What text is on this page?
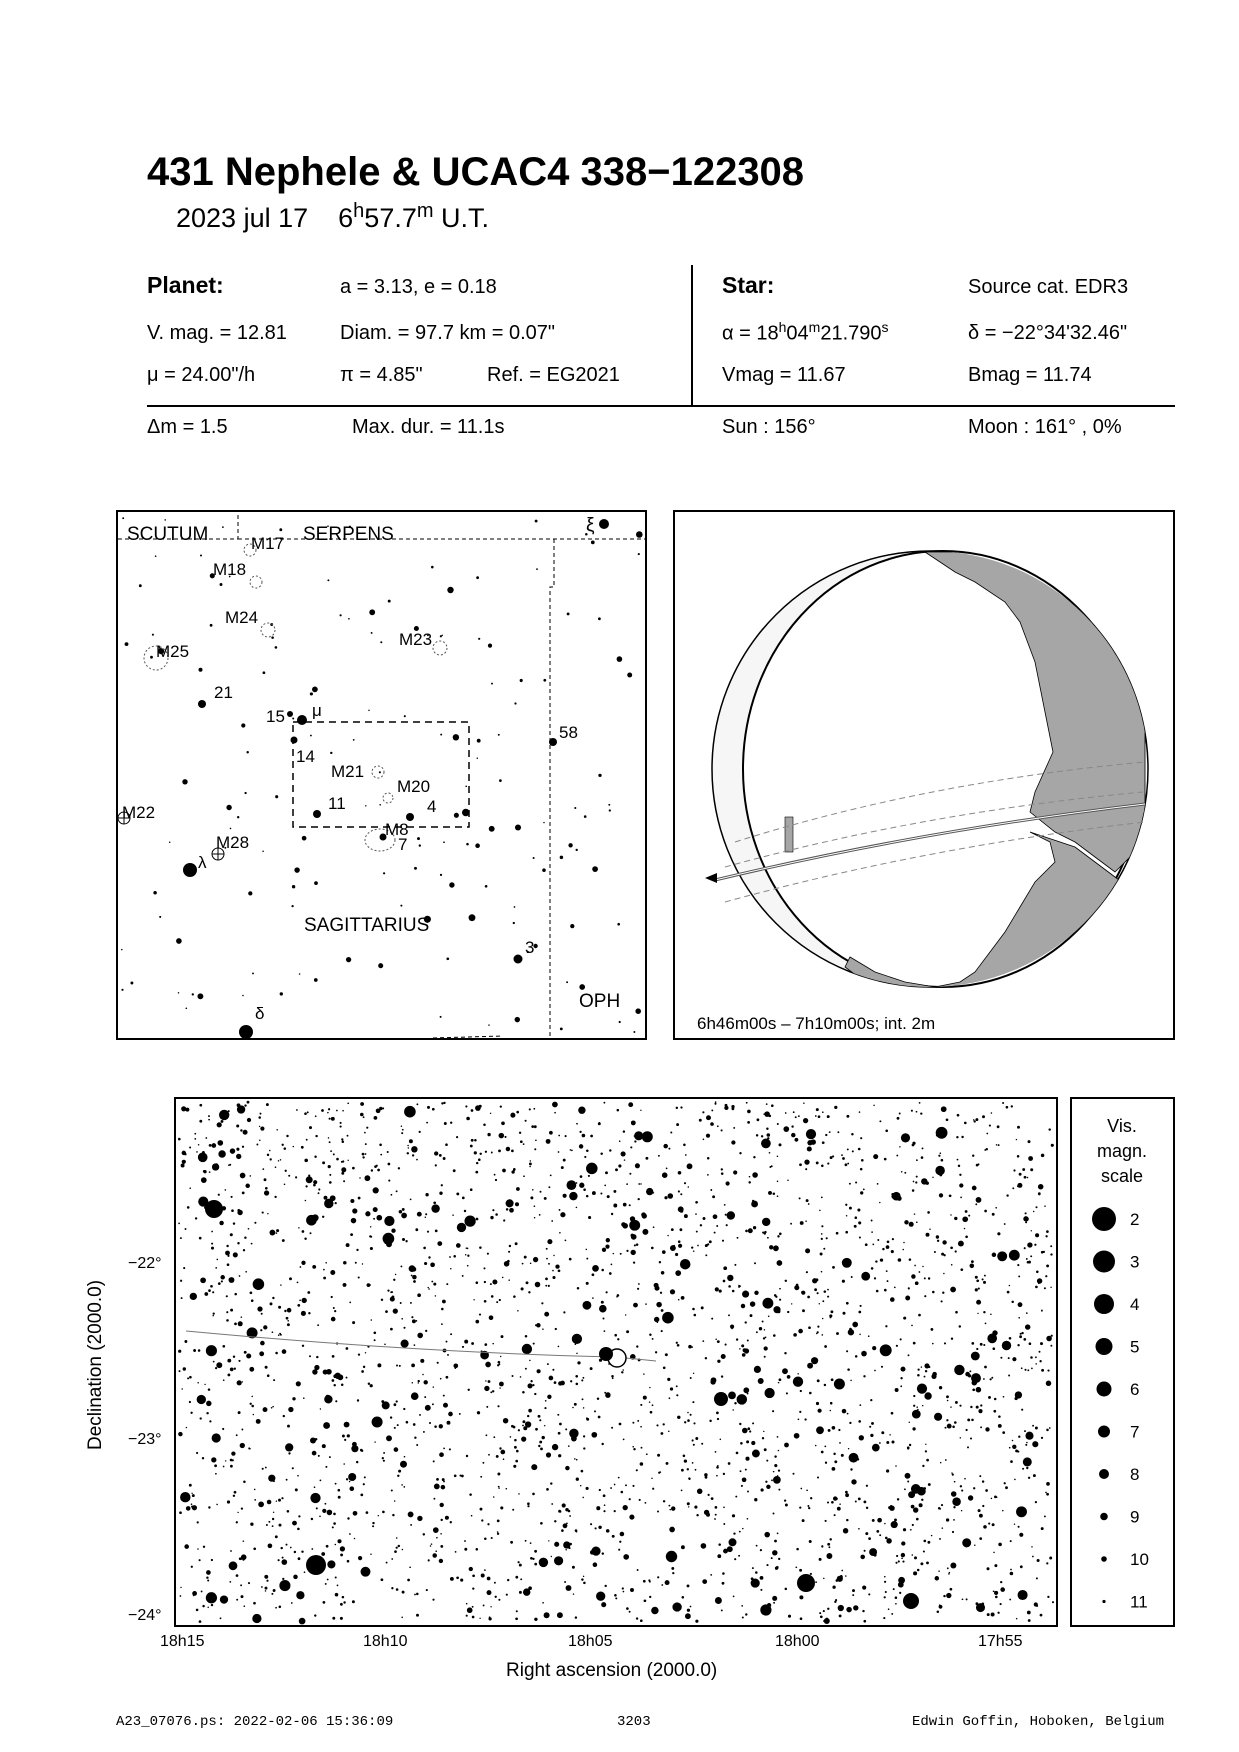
431 Nephele & UCAC4 338−122308
2023 jul 17 6$^h$57.7$^m$ U.T.
Planet:	a = 3.13, e = 0.18
V. mag. = 12.81	Diam. = 97.7 km = 0.07"
μ = 24.00"/h	π = 4.85"	Ref. = EG2021
Star:	Source cat. EDR3
$\alpha = 18^h04^m21.790^s$	δ = −22°34'32.46"
Vmag = 11.67	Bmag = 11.74
Δm = 1.5	Max. dur. = 11.1s	Sun : 156°	Moon : 161° , 0%
SCUTUM	SERPENS
SAGITTARIUS
OPH
M17
M18
M24
M25
M23
M21
M20
M8
M22
M28
21
15
14
11	4
7
58
3
μ
λ
ξ
δ
6h46m00s – 7h10m00s; int. 2m
−22°
−23°
−24°
Declination (2000.0)
18h15	18h10	18h05	18h00	17h55
Right ascension (2000.0)
Vis.
magn.
scale
2
3
4
5
6
7
8
9
10
11
A23_07076.ps: 2022-02-06 15:36:09	3203	Edwin Goffin, Hoboken, Belgium
